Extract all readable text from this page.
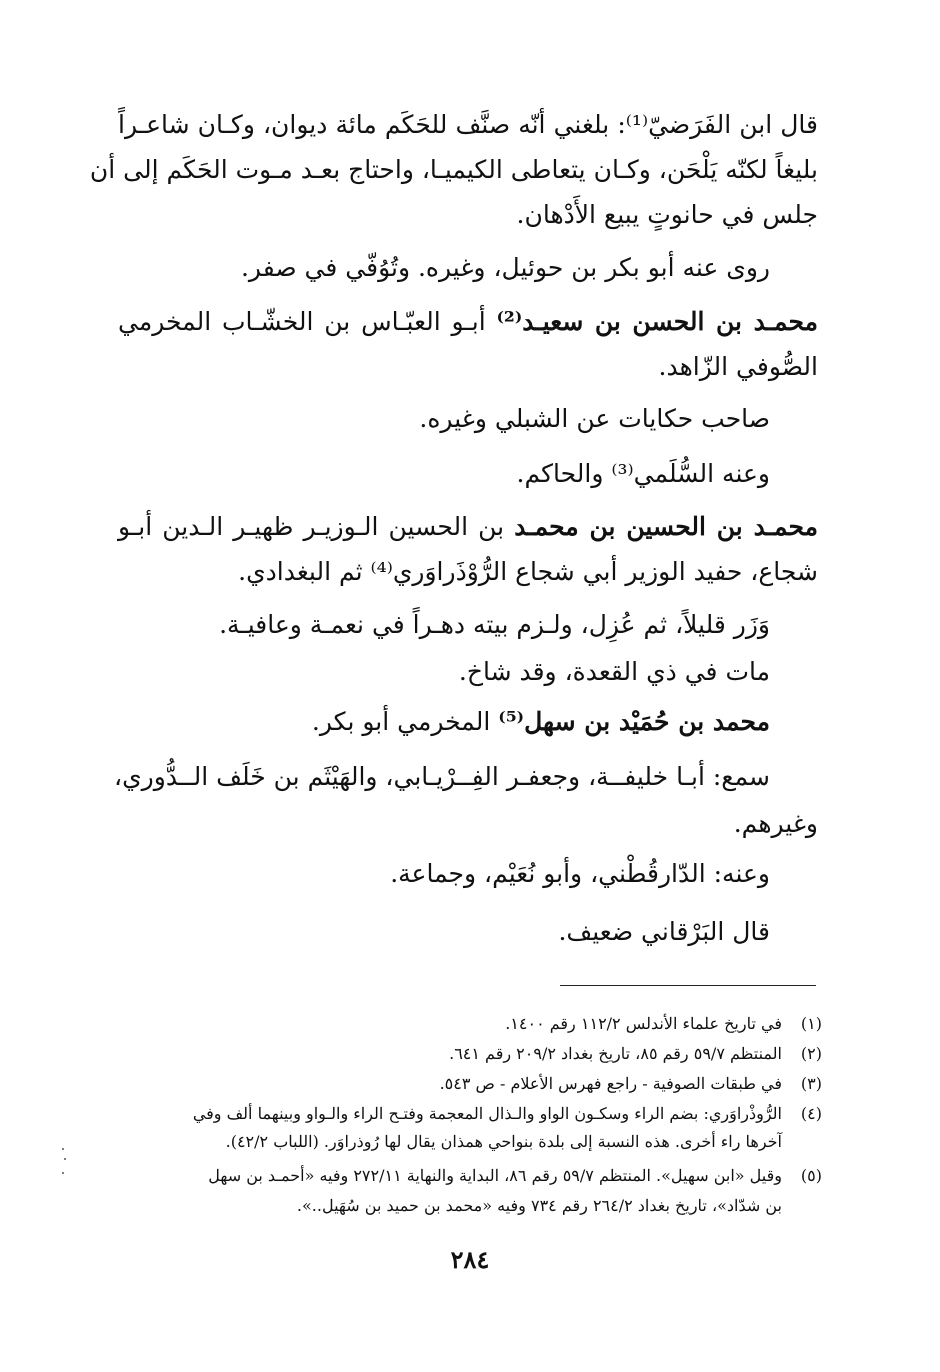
قال ابن الفَرَضيّ⁽¹⁾: بلغني أنّه صنَّف للحَكَم مائة ديوان، وكـان شاعـراً
بليغاً لكنّه يَلْحَن، وكـان يتعاطى الكيميـا، واحتاج بعـد مـوت الحَكَم إلى أن
جلس في حانوتٍ يبيع الأَدْهان.
روى عنه أبو بكر بن حوئيل، وغيره. وتُوُفّي في صفر.
محمـد بن الحسن بن سعيـد⁽²⁾ أبـو العبّـاس بن الخشّـاب المخرمي
الصُّوفي الزّاهد.
صاحب حكايات عن الشبلي وغيره.
وعنه السُّلَمي⁽³⁾ والحاكم.
محمـد بن الحسين بن محمـد بن الحسين الـوزيـر ظهيـر الـدين أبـو
شجاع، حفيد الوزير أبي شجاع الرُّوْذَراوَري⁽⁴⁾ ثم البغدادي.
وَزَر قليلاً، ثم عُزِل، ولـزم بيته دهـراً في نعمـة وعافيـة.
مات في ذي القعدة، وقد شاخ.
محمد بن حُمَيْد بن سهل⁽⁵⁾ المخرمي أبو بكر.
سمع: أبـا خليفــة، وجعفـر الفِــرْيـابي، والهَيْثَم بن خَلَف الــدُّوري،
وغيرهم.
وعنه: الدّارقُطْني، وأبو نُعَيْم، وجماعة.
قال البَرْقاني ضعيف.
(١)في تاريخ علماء الأندلس ١١٢/٢ رقم ١٤٠٠.
(٢)المنتظم ٥٩/٧ رقم ٨٥، تاريخ بغداد ٢٠٩/٢ رقم ٦٤١.
(٣)في طبقات الصوفية - راجع فهرس الأعلام - ص ٥٤٣.
(٤)الرُّوذْراوَري: بضم الراء وسكـون الواو والـذال المعجمة وفتـح الراء والـواو وبينهما ألف وفي
آخرها راء أخرى. هذه النسبة إلى بلدة بنواحي همذان يقال لها رُوذراوَر. (اللباب ٤٢/٢).
(٥)وقيل «ابن سهيل». المنتظم ٥٩/٧ رقم ٨٦، البداية والنهاية ٢٧٢/١١ وفيه «أحمـد بن سهل
بن شدّاد»، تاريخ بغداد ٢٦٤/٢ رقم ٧٣٤ وفيه «محمد بن حميد بن سُهَيل..».
٢٨٤
